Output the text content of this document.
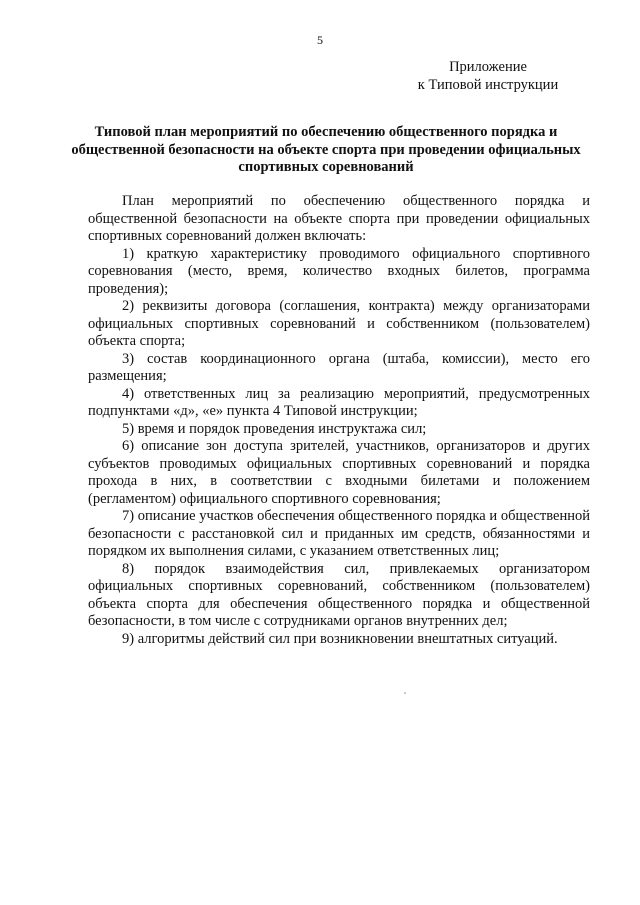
5
Приложение
к Типовой инструкции
Типовой план мероприятий по обеспечению общественного порядка и
общественной безопасности на объекте спорта при проведении официальных
спортивных соревнований

План мероприятий по обеспечению общественного порядка и общественной безопасности на объекте спорта при проведении официальных спортивных соревнований должен включать:

1) краткую характеристику проводимого официального спортивного соревнования (место, время, количество входных билетов, программа проведения);

2) реквизиты договора (соглашения, контракта) между организаторами официальных спортивных соревнований и собственником (пользователем) объекта спорта;

3) состав координационного органа (штаба, комиссии), место его размещения;

4) ответственных лиц за реализацию мероприятий, предусмотренных подпунктами «д», «е» пункта 4 Типовой инструкции;

5) время и порядок проведения инструктажа сил;

6) описание зон доступа зрителей, участников, организаторов и других субъектов проводимых официальных спортивных соревнований и порядка прохода в них, в соответствии с входными билетами и положением (регламентом) официального спортивного соревнования;

7) описание участков обеспечения общественного порядка и общественной безопасности с расстановкой сил и приданных им средств, обязанностями и порядком их выполнения силами, с указанием ответственных лиц;

8) порядок взаимодействия сил, привлекаемых организатором официальных спортивных соревнований, собственником (пользователем) объекта спорта для обеспечения общественного порядка и общественной безопасности, в том числе с сотрудниками органов внутренних дел;

9) алгоритмы действий сил при возникновении внештатных ситуаций.
